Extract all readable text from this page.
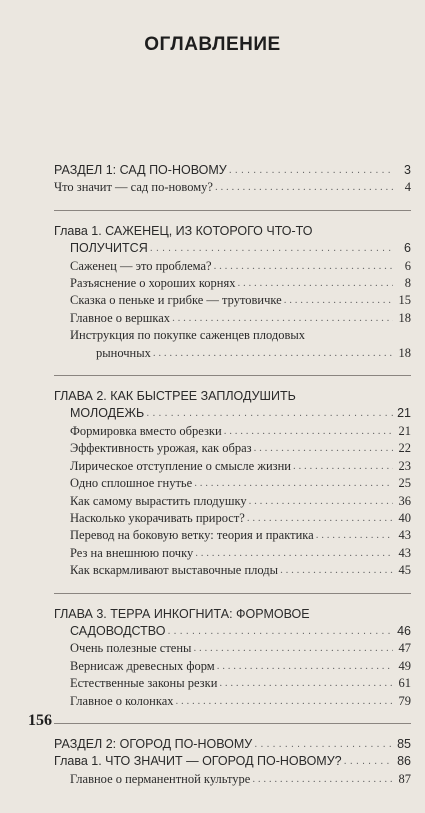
ОГЛАВЛЕНИЕ
РАЗДЕЛ 1: САД ПО-НОВОМУ . . .	3
Что значит — сад по-новому? . . .	4
Глава 1. САЖЕНЕЦ, ИЗ КОТОРОГО ЧТО-ТО
ПОЛУЧИТСЯ . . .	6
Саженец — это проблема? . . .	6
Разъяснение о хороших корнях . . .	8
Сказка о пеньке и грибке — трутовичке . . .	15
Главное о вершках . . .	18
Инструкция по покупке саженцев плодовых
рыночных . . .	18
ГЛАВА 2. КАК БЫСТРЕЕ ЗАПЛОДУШИТЬ
МОЛОДЕЖЬ . . .	21
Формировка вместо обрезки . . .	21
Эффективность урожая, как образ . . .	22
Лирическое отступление о смысле жизни . . .	23
Одно сплошное гнутье . . .	25
Как самому вырастить плодушку . . .	36
Насколько укорачивать прирост? . . .	40
Перевод на боковую ветку: теория и практика . . .	43
Рез на внешнюю почку . . .	43
Как вскармливают выставочные плоды . . .	45
ГЛАВА 3. ТЕРРА ИНКОГНИТА: ФОРМОВОЕ
САДОВОДСТВО . . .	46
Очень полезные стены . . .	47
Вернисаж древесных форм . . .	49
Естественные законы резки . . .	61
Главное о колонках . . .	79
РАЗДЕЛ 2: ОГОРОД ПО-НОВОМУ . . .	85
Глава 1. ЧТО ЗНАЧИТ — ОГОРОД ПО-НОВОМУ? . . .	86
Главное о перманентной культуре . . .	87
156
